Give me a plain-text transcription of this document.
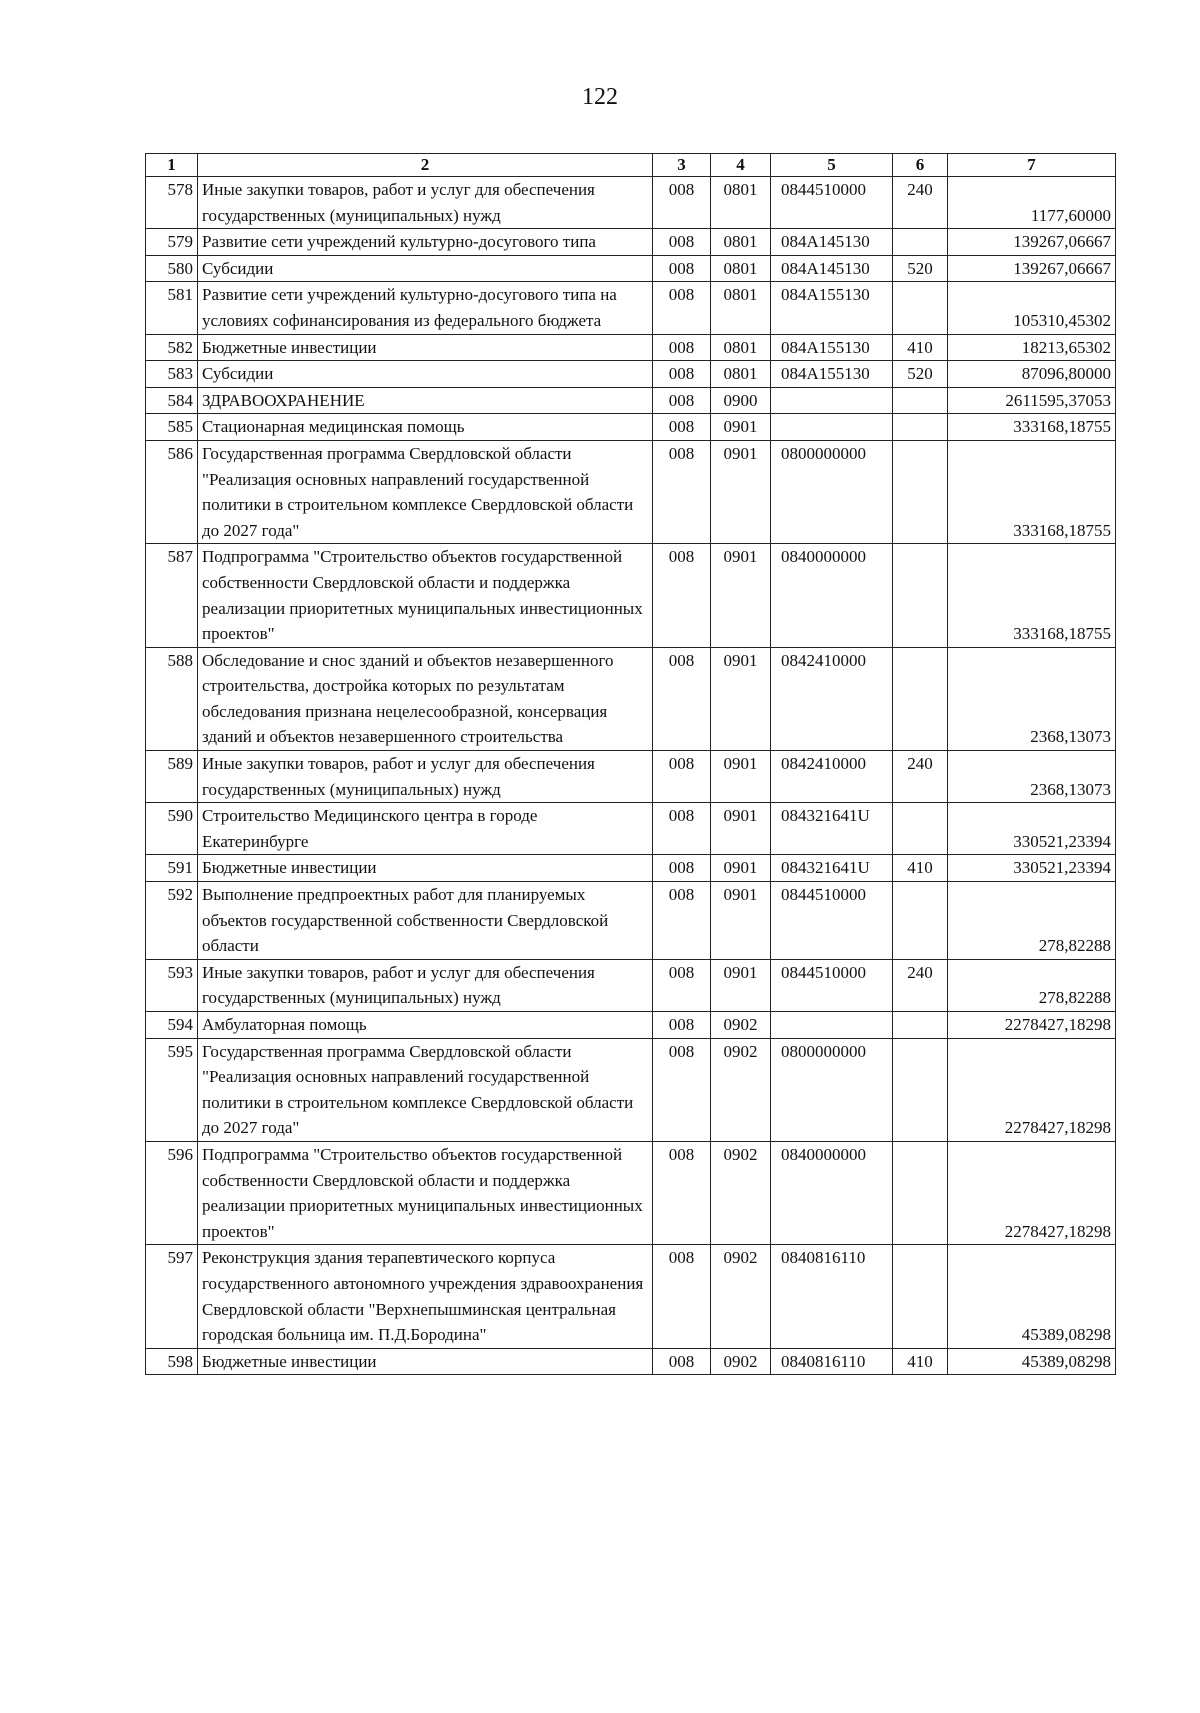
122
1	2	3	4	5	6	7
578	Иные закупки товаров, работ и услуг для обеспечения государственных (муниципальных) нужд	008	0801	0844510000	240	1177,60000
579	Развитие сети учреждений культурно-досугового типа	008	0801	084A145130		139267,06667
580	Субсидии	008	0801	084A145130	520	139267,06667
581	Развитие сети учреждений культурно-досугового типа на условиях софинансирования из федерального бюджета	008	0801	084A155130		105310,45302
582	Бюджетные инвестиции	008	0801	084A155130	410	18213,65302
583	Субсидии	008	0801	084A155130	520	87096,80000
584	ЗДРАВООХРАНЕНИЕ	008	0900			2611595,37053
585	Стационарная медицинская помощь	008	0901			333168,18755
586	Государственная программа Свердловской области "Реализация основных направлений государственной политики в строительном комплексе Свердловской области до 2027 года"	008	0901	0800000000		333168,18755
587	Подпрограмма "Строительство объектов государственной собственности Свердловской области и поддержка реализации приоритетных муниципальных инвестиционных проектов"	008	0901	0840000000		333168,18755
588	Обследование и снос зданий и объектов незавершенного строительства, достройка которых по результатам обследования признана нецелесообразной, консервация зданий и объектов незавершенного строительства	008	0901	0842410000		2368,13073
589	Иные закупки товаров, работ и услуг для обеспечения государственных (муниципальных) нужд	008	0901	0842410000	240	2368,13073
590	Строительство Медицинского центра в городе Екатеринбурге	008	0901	084321641U		330521,23394
591	Бюджетные инвестиции	008	0901	084321641U	410	330521,23394
592	Выполнение предпроектных работ для планируемых объектов государственной собственности Свердловской области	008	0901	0844510000		278,82288
593	Иные закупки товаров, работ и услуг для обеспечения государственных (муниципальных) нужд	008	0901	0844510000	240	278,82288
594	Амбулаторная помощь	008	0902			2278427,18298
595	Государственная программа Свердловской области "Реализация основных направлений государственной политики в строительном комплексе Свердловской области до 2027 года"	008	0902	0800000000		2278427,18298
596	Подпрограмма "Строительство объектов государственной собственности Свердловской области и поддержка реализации приоритетных муниципальных инвестиционных проектов"	008	0902	0840000000		2278427,18298
597	Реконструкция здания терапевтического корпуса государственного автономного учреждения здравоохранения Свердловской области "Верхнепышминская центральная городская больница им. П.Д.Бородина"	008	0902	0840816110		45389,08298
598	Бюджетные инвестиции	008	0902	0840816110	410	45389,08298
